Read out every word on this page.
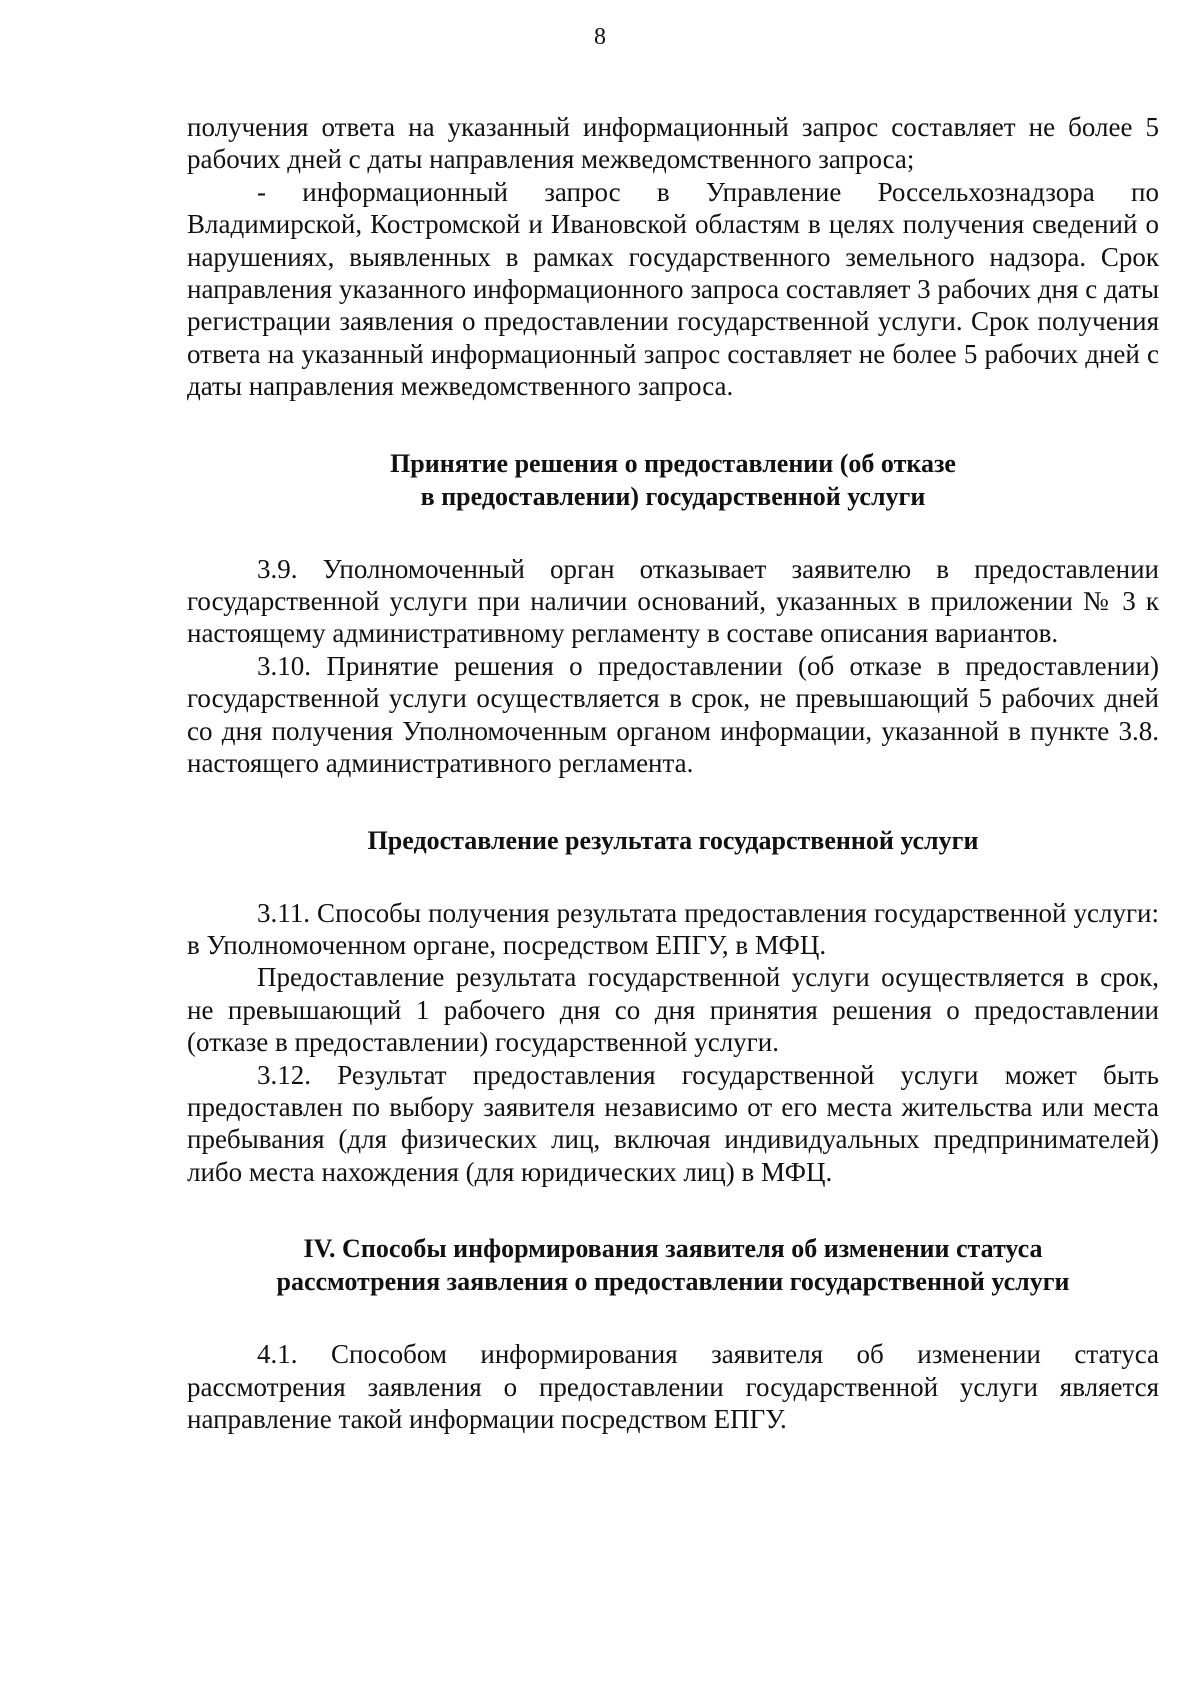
8

получения ответа на указанный информационный запрос составляет не более 5 рабочих дней с даты направления межведомственного запроса;

- информационный запрос в Управление Россельхознадзора по Владимирской, Костромской и Ивановской областям в целях получения сведений о нарушениях, выявленных в рамках государственного земельного надзора. Срок направления указанного информационного запроса составляет 3 рабочих дня с даты регистрации заявления о предоставлении государственной услуги. Срок получения ответа на указанный информационный запрос составляет не более 5 рабочих дней с даты направления межведомственного запроса.

Принятие решения о предоставлении (об отказе
в предоставлении) государственной услуги

3.9. Уполномоченный орган отказывает заявителю в предоставлении государственной услуги при наличии оснований, указанных в приложении № 3 к настоящему административному регламенту в составе описания вариантов.

3.10. Принятие решения о предоставлении (об отказе в предоставлении) государственной услуги осуществляется в срок, не превышающий 5 рабочих дней со дня получения Уполномоченным органом информации, указанной в пункте 3.8. настоящего административного регламента.

Предоставление результата государственной услуги

3.11. Способы получения результата предоставления государственной услуги: в Уполномоченном органе, посредством ЕПГУ, в МФЦ.

Предоставление результата государственной услуги осуществляется в срок, не превышающий 1 рабочего дня со дня принятия решения о предоставлении (отказе в предоставлении) государственной услуги.

3.12. Результат предоставления государственной услуги может быть предоставлен по выбору заявителя независимо от его места жительства или места пребывания (для физических лиц, включая индивидуальных предпринимателей) либо места нахождения (для юридических лиц) в МФЦ.

IV. Способы информирования заявителя об изменении статуса
рассмотрения заявления о предоставлении государственной услуги

4.1. Способом информирования заявителя об изменении статуса рассмотрения заявления о предоставлении государственной услуги является направление такой информации посредством ЕПГУ.
